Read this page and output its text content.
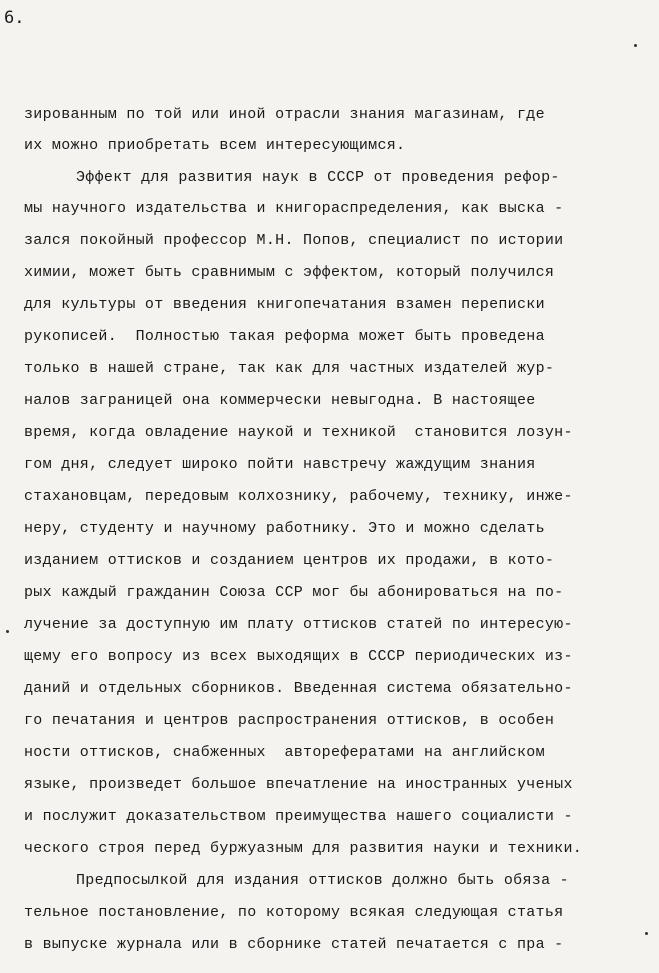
6.
зированным по той или иной отрасли знания магазинам, где
их можно приобретать всем интересующимся.
Эффект для развития наук в СССР от проведения рефор-
мы научного издательства и книгораспределения, как выска -
зался покойный профессор М.Н. Попов, специалист по истории
химии, может быть сравнимым с эффектом, который получился
для культуры от введения книгопечатания взамен переписки
рукописей.  Полностью такая реформа может быть проведена
только в нашей стране, так как для частных издателей жур-
налов заграницей она коммерчески невыгодна. В настоящее
время, когда овладение наукой и техникой  становится лозун-
гом дня, следует широко пойти навстречу жаждущим знания
стахановцам, передовым колхозникy, рабочему, технику, инже-
неру, студенту и научному работнику. Это и можно сделать
изданием оттисков и созданием центров их продажи, в кото-
рых каждый гражданин Союза ССР мог бы абонироваться на по-
лучение за доступную им плату оттисков статей по интересую-
щему его вопросу из всех выходящих в СССР периодических из-
даний и отдельных сборников. Введенная система обязательно-
го печатания и центров распространения оттисков, в особен
ности оттисков, снабженных  авторефератами на английском
языке, произведет большое впечатление на иностранных ученых
и послужит доказательством преимущества нашего социалисти -
ческого строя перед буржуазным для развития науки и техники.
Предпосылкой для издания оттисков должно быть обяза -
тельное постановление, по которому всякая следующая статья
в выпуске журнала или в сборнике статей печатается с пра -
